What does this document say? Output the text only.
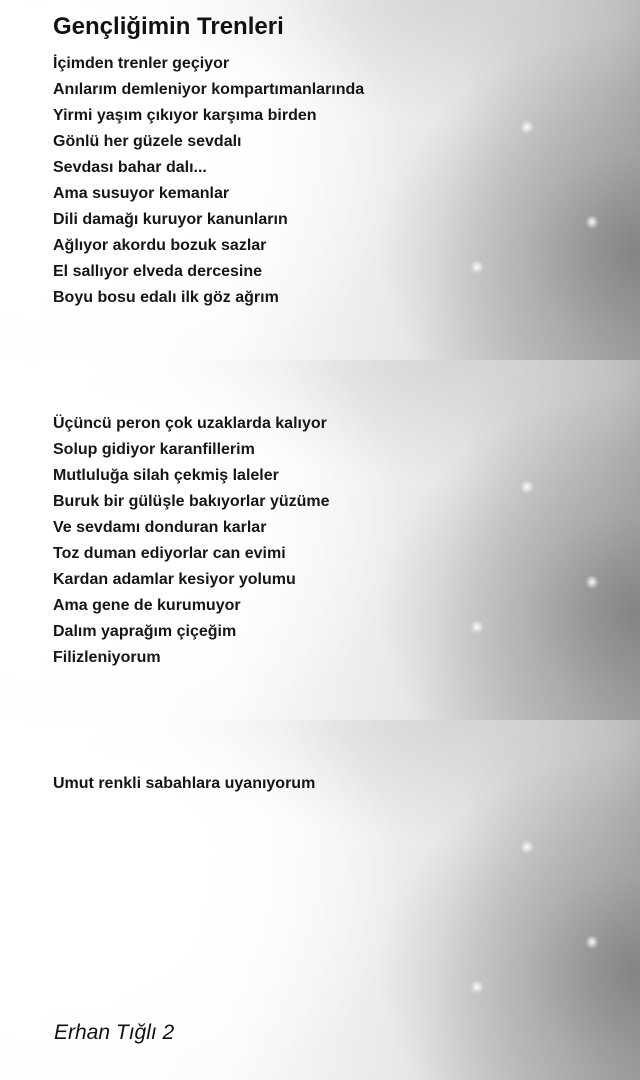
Gençliğimin Trenleri
İçimden trenler geçiyor
Anılarım demleniyor kompartımanlarında
Yirmi yaşım çıkıyor karşıma birden
Gönlü her güzele sevdalı
Sevdası bahar dalı...
Ama susuyor kemanlar
Dili damağı kuruyor kanunların
Ağlıyor akordu bozuk sazlar
El sallıyor elveda dercesine
Boyu bosu edalı ilk göz ağrım
Üçüncü peron çok uzaklarda kalıyor
Solup gidiyor karanfillerim
Mutluluğa silah çekmiş laleler
Buruk bir gülüşle bakıyorlar yüzüme
Ve sevdamı donduran karlar
Toz duman ediyorlar can evimi
Kardan adamlar kesiyor yolumu
Ama gene de kurumuyor
Dalım yaprağım çiçeğim
Filizleniyorum
Umut renkli sabahlara uyanıyorum
Erhan Tığlı 2
